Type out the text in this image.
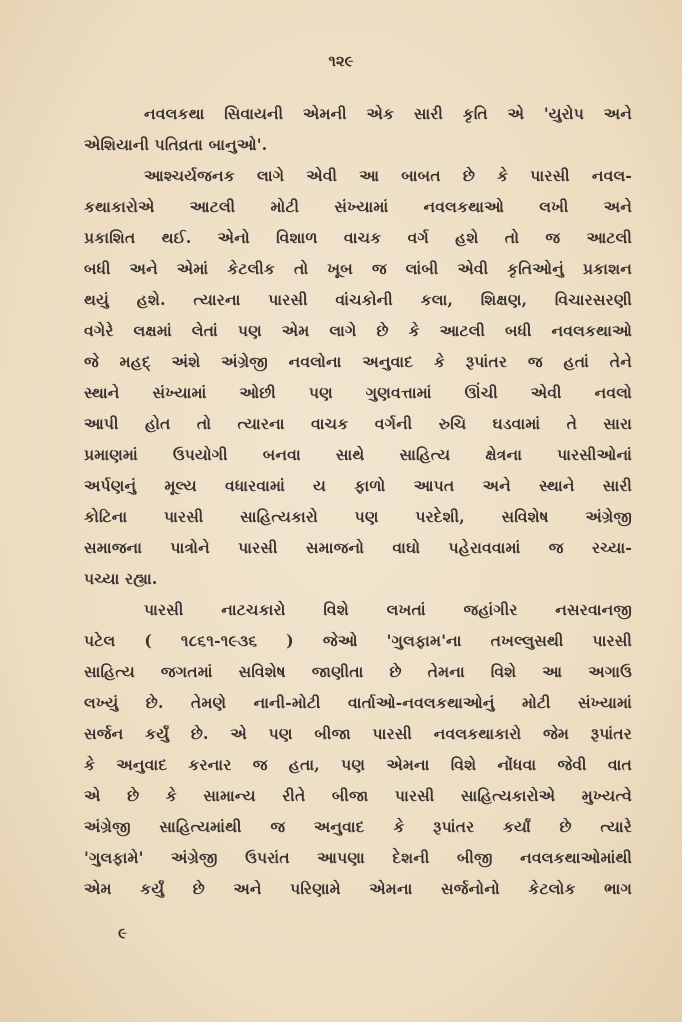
૧૨૯

નવલકથા સિવાયની એમની એક સારી કૃતિ એ 'યુરોપ અને
એશિયાની પતિવ્રતા બાનુઓ'.

આશ્ચર્યજનક લાગે એવી આ બાબત છે કે પારસી નવલ-
કથાકારોએ આટલી મોટી સંખ્યામાં નવલકથાઓ લખી અને
પ્રકાશિત થઈ. એનો વિશાળ વાચક વર્ગ હશે તો જ આટલી
બધી અને એમાં કેટલીક તો ખૂબ જ લાંબી એવી કૃતિઓનું પ્રકાશન
થયું હશે. ત્યારના પારસી વાંચકોની કલા, શિક્ષણ, વિચારસરણી
વગેરે લક્ષમાં લેતાં પણ એમ લાગે છે કે આટલી બધી નવલકથાઓ
જે મહદ્ અંશે અંગ્રેજી નવલોના અનુવાદ કે રૂપાંતર જ હતાં તેને
સ્થાને સંખ્યામાં ઓછી પણ ગુણવત્તામાં ઊંચી એવી નવલો
આપી હોત તો ત્યારના વાચક વર્ગની રુચિ ઘડવામાં તે સારા
પ્રમાણમાં ઉપયોગી બનવા સાથે સાહિત્ય ક્ષેત્રના પારસીઓનાં
અર્પણનું મૂલ્ય વધારવામાં ય ફાળો આપત અને સ્થાને સારી
કોટિના પારસી સાહિત્યકારો પણ પરદેશી, સવિશેષ અંગ્રેજી
સમાજના પાત્રોને પારસી સમાજનો વાઘો પહેરાવવામાં જ રચ્યા-
પચ્યા રહ્યા.

પારસી નાટચકારો વિશે લખતાં જહાંગીર નસરવાનજી
પટેલ ( ૧૮૬૧-૧૯૩૬ ) જેઓ 'ગુલફામ'ના તખલ્લુસથી પારસી
સાહિત્ય જગતમાં સવિશેષ જાણીતા છે તેમના વિશે આ અગાઉ
લખ્યું છે. તેમણે નાની-મોટી વાર્તાઓ-નવલકથાઓનું મોટી સંખ્યામાં
સર્જન કર્યું છે. એ પણ બીજા પારસી નવલકથાકારો જેમ રૂપાંતર
કે અનુવાદ કરનાર જ હતા, પણ એમના વિશે નોંધવા જેવી વાત
એ છે કે સામાન્ય રીતે બીજા પારસી સાહિત્યકારોએ મુખ્યત્વે
અંગ્રેજી સાહિત્યમાંથી જ અનુવાદ કે રૂપાંતર કર્યાં છે ત્યારે
'ગુલફામે' અંગ્રેજી ઉપરાંત આપણા દેશની બીજી નવલકથાઓમાંથી
એમ કર્યું છે અને પરિણામે એમના સર્જનોનો કેટલોક ભાગ

૯
